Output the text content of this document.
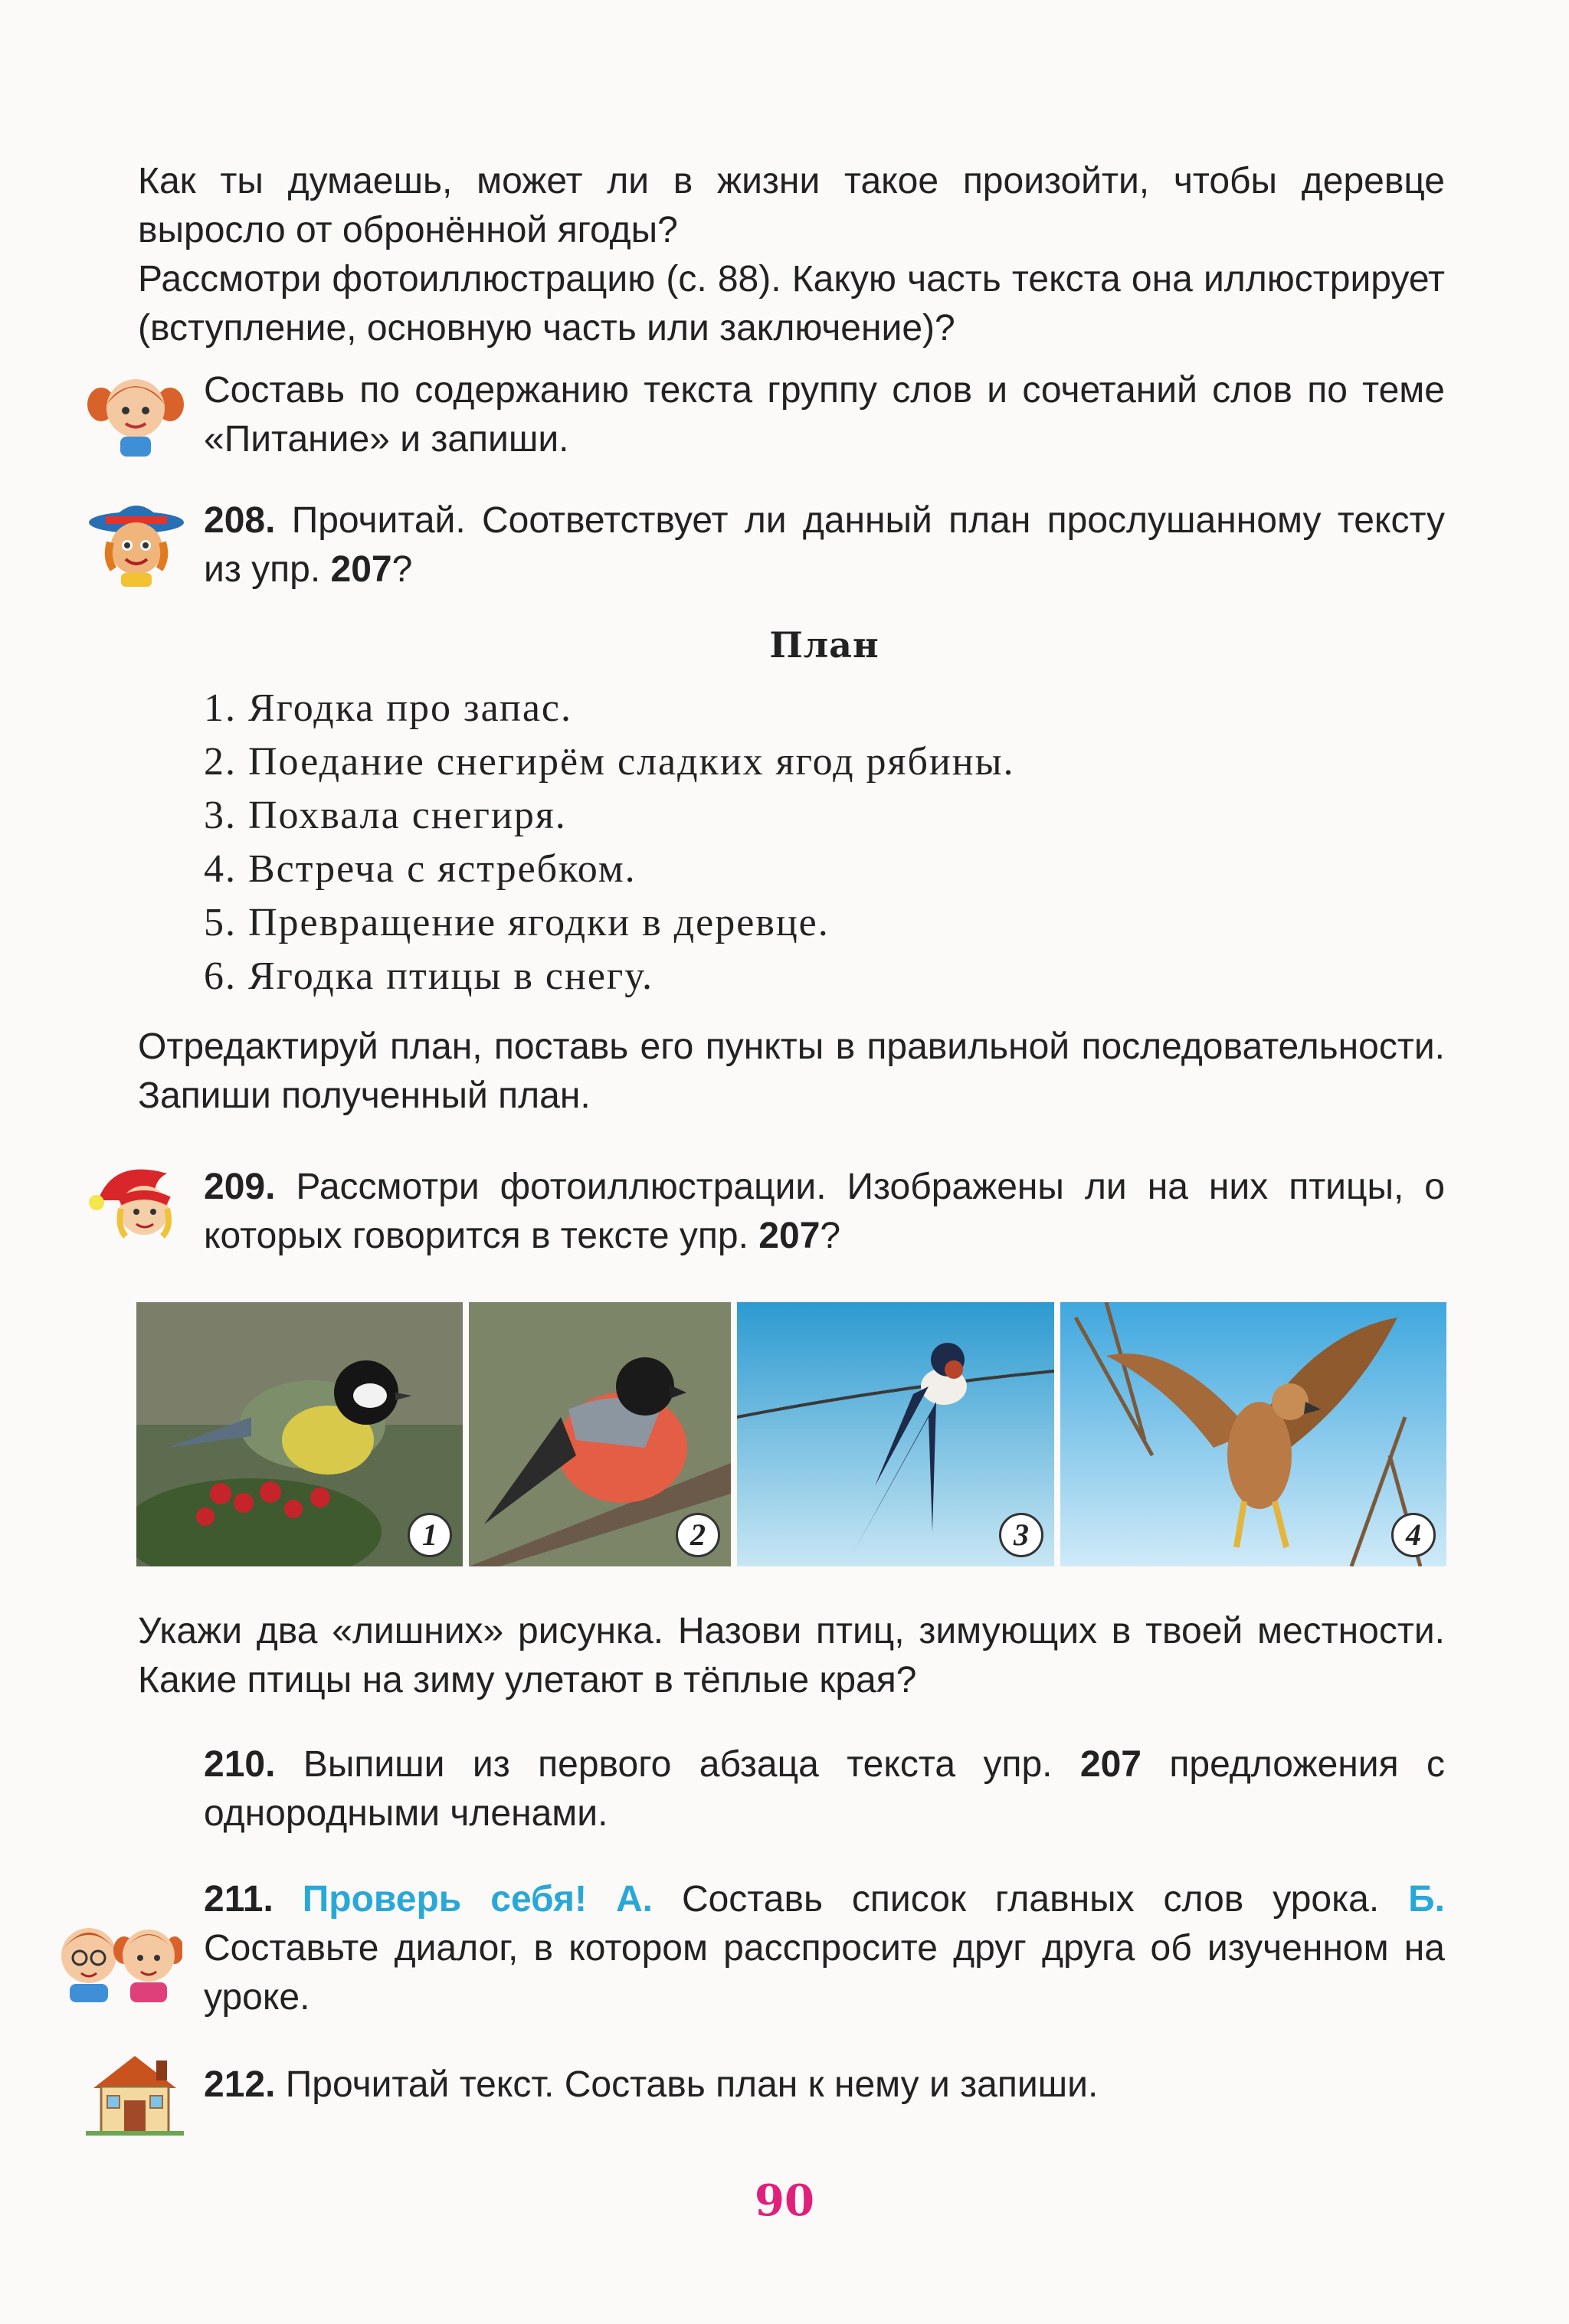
Как ты думаешь, может ли в жизни такое произойти, чтобы деревце выросло от обронённой ягоды?
Рассмотри фотоиллюстрацию (с. 88). Какую часть текста она иллюстрирует (вступление, основную часть или заключение)?

Составь по содержанию текста группу слов и сочетаний слов по теме «Питание» и запиши.

208. Прочитай. Соответствует ли данный план прослушанному тексту из упр. 207?

План
1. Ягодка про запас.
2. Поедание снегирём сладких ягод рябины.
3. Похвала снегиря.
4. Встреча с ястребком.
5. Превращение ягодки в деревце.
6. Ягодка птицы в снегу.

Отредактируй план, поставь его пункты в правильной последовательности. Запиши полученный план.

209. Рассмотри фотоиллюстрации. Изображены ли на них птицы, о которых говорится в тексте упр. 207?

1	2	3	4

Укажи два «лишних» рисунка. Назови птиц, зимующих в твоей местности. Какие птицы на зиму улетают в тёплые края?

210. Выпиши из первого абзаца текста упр. 207 предложения с однородными членами.

211. Проверь себя! А. Составь список главных слов урока. Б. Составьте диалог, в котором расспросите друг друга об изученном на уроке.

212. Прочитай текст. Составь план к нему и запиши.

90
